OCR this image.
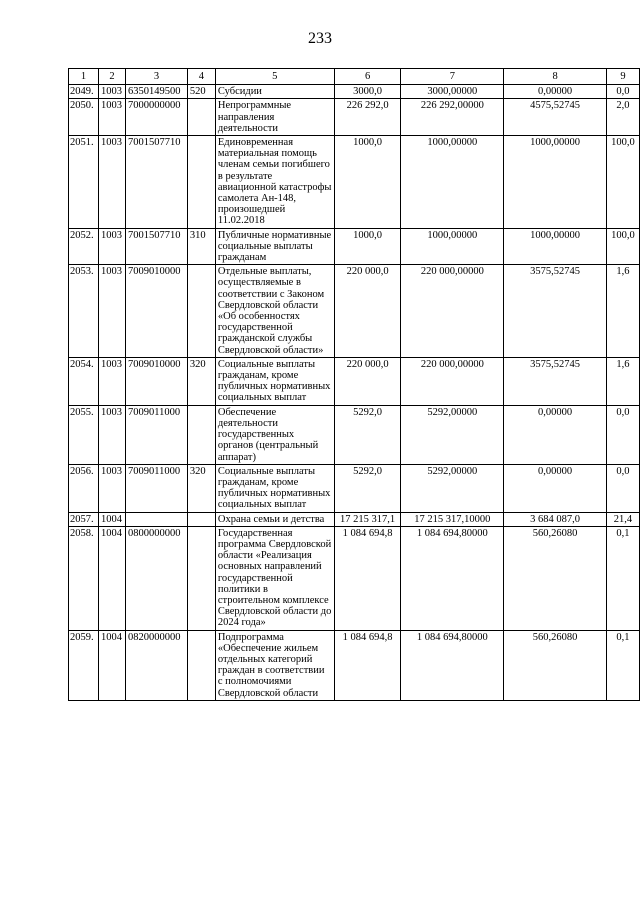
233
1	2	3	4	5	6	7	8	9
2049.	1003	6350149500	520	Субсидии	3000,0	3000,00000	0,00000	0,0
2050.	1003	7000000000		Непрограммные направления деятельности	226 292,0	226 292,00000	4575,52745	2,0
2051.	1003	7001507710		Единовременная материальная помощь членам семьи погибшего в результате авиационной катастрофы самолета Ан-148, произошедшей 11.02.2018	1000,0	1000,00000	1000,00000	100,0
2052.	1003	7001507710	310	Публичные нормативные социальные выплаты гражданам	1000,0	1000,00000	1000,00000	100,0
2053.	1003	7009010000		Отдельные выплаты, осуществляемые в соответствии с Законом Свердловской области «Об особенностях государственной гражданской службы Свердловской области»	220 000,0	220 000,00000	3575,52745	1,6
2054.	1003	7009010000	320	Социальные выплаты гражданам, кроме публичных нормативных социальных выплат	220 000,0	220 000,00000	3575,52745	1,6
2055.	1003	7009011000		Обеспечение деятельности государственных органов (центральный аппарат)	5292,0	5292,00000	0,00000	0,0
2056.	1003	7009011000	320	Социальные выплаты гражданам, кроме публичных нормативных социальных выплат	5292,0	5292,00000	0,00000	0,0
2057.	1004			Охрана семьи и детства	17 215 317,1	17 215 317,10000	3 684 087,0	21,4
2058.	1004	0800000000		Государственная программа Свердловской области «Реализация основных направлений государственной политики в строительном комплексе Свердловской области до 2024 года»	1 084 694,8	1 084 694,80000	560,26080	0,1
2059.	1004	0820000000		Подпрограмма «Обеспечение жильем отдельных категорий граждан в соответствии с полномочиями Свердловской области	1 084 694,8	1 084 694,80000	560,26080	0,1
